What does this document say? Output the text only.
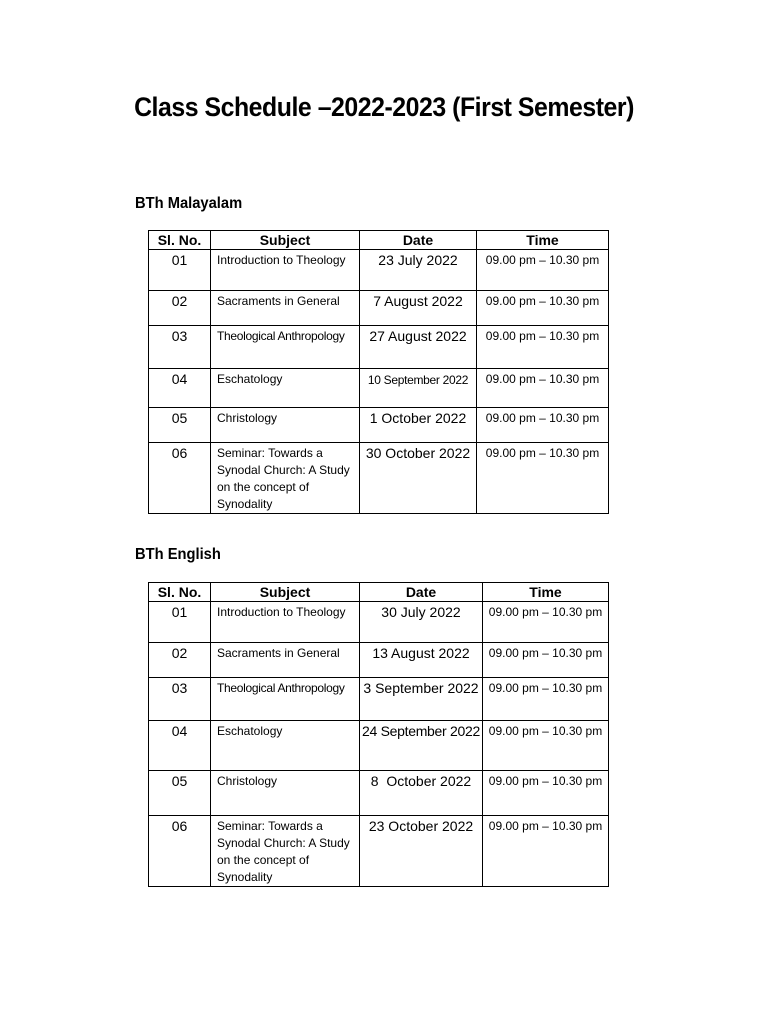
Class Schedule –2022-2023 (First Semester)
BTh Malayalam
Sl. No.	Subject	Date	Time
01	Introduction to Theology	23 July 2022	09.00 pm – 10.30 pm
02	Sacraments in General	7 August 2022	09.00 pm – 10.30 pm
03	Theological Anthropology	27 August 2022	09.00 pm – 10.30 pm
04	Eschatology	10 September 2022	09.00 pm – 10.30 pm
05	Christology	1 October 2022	09.00 pm – 10.30 pm
06	Seminar: Towards a Synodal Church: A Study on the concept of Synodality	30 October 2022	09.00 pm – 10.30 pm
BTh English
Sl. No.	Subject	Date	Time
01	Introduction to Theology	30 July 2022	09.00 pm – 10.30 pm
02	Sacraments in General	13 August 2022	09.00 pm – 10.30 pm
03	Theological Anthropology	3 September 2022	09.00 pm – 10.30 pm
04	Eschatology	24 September 2022	09.00 pm – 10.30 pm
05	Christology	8  October 2022	09.00 pm – 10.30 pm
06	Seminar: Towards a Synodal Church: A Study on the concept of Synodality	23 October 2022	09.00 pm – 10.30 pm
